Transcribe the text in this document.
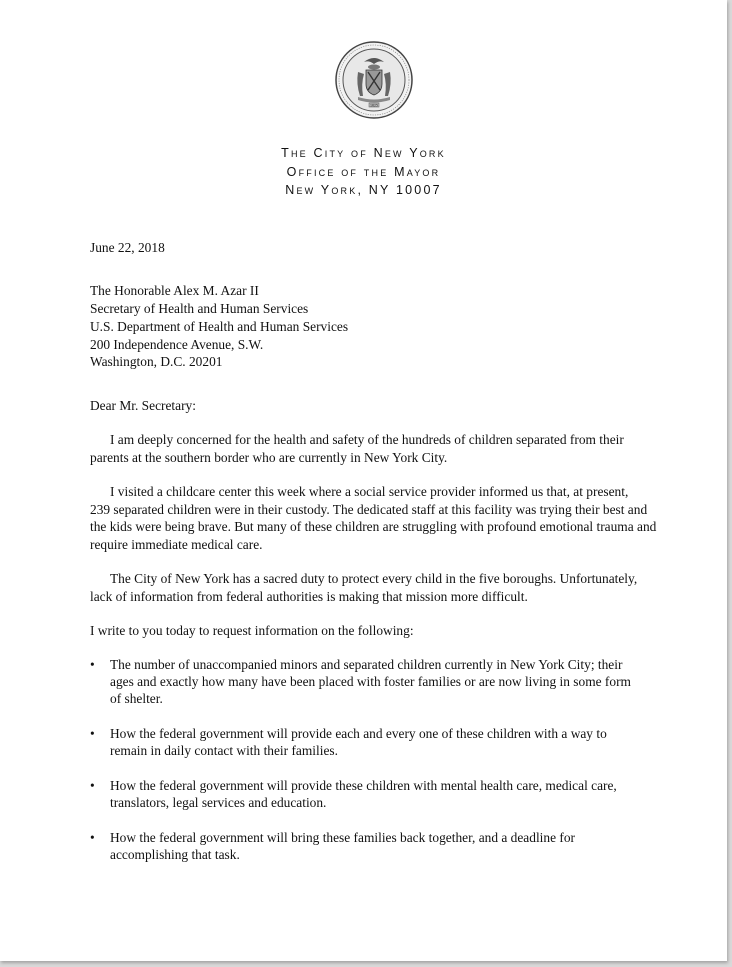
1625
The City of New York
Office of the Mayor
New York, NY 10007
June 22, 2018
The Honorable Alex M. Azar II
Secretary of Health and Human Services
U.S. Department of Health and Human Services
200 Independence Avenue, S.W.
Washington, D.C. 20201
Dear Mr. Secretary:
I am deeply concerned for the health and safety of the hundreds of children separated from their
parents at the southern border who are currently in New York City.
I visited a childcare center this week where a social service provider informed us that, at present,
239 separated children were in their custody. The dedicated staff at this facility was trying their best and
the kids were being brave. But many of these children are struggling with profound emotional trauma and
require immediate medical care.
The City of New York has a sacred duty to protect every child in the five boroughs. Unfortunately,
lack of information from federal authorities is making that mission more difficult.
I write to you today to request information on the following:
•	The number of unaccompanied minors and separated children currently in New York City; their
ages and exactly how many have been placed with foster families or are now living in some form
of shelter.
•	How the federal government will provide each and every one of these children with a way to
remain in daily contact with their families.
•	How the federal government will provide these children with mental health care, medical care,
translators, legal services and education.
•	How the federal government will bring these families back together, and a deadline for
accomplishing that task.
